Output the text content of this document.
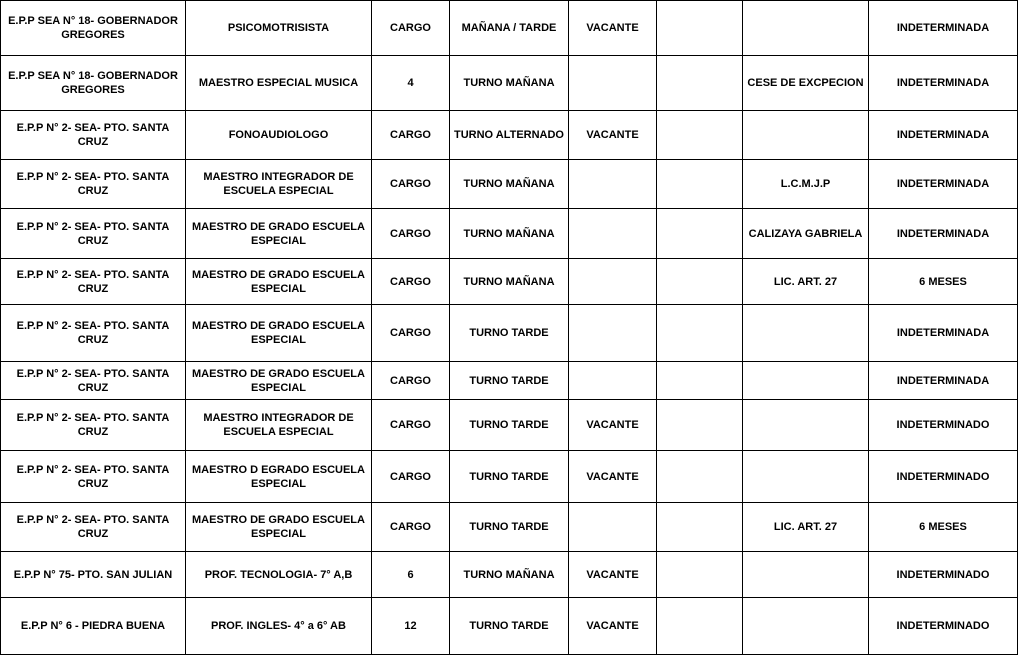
E.P.P SEA N° 18- GOBERNADOR GREGORES	PSICOMOTRISISTA	CARGO	MAÑANA / TARDE	VACANTE			INDETERMINADA
E.P.P SEA N° 18- GOBERNADOR GREGORES	MAESTRO ESPECIAL MUSICA	4	TURNO MAÑANA			CESE DE EXCPECION	INDETERMINADA
E.P.P N° 2- SEA- PTO. SANTA CRUZ	FONOAUDIOLOGO	CARGO	TURNO ALTERNADO	VACANTE			INDETERMINADA
E.P.P N° 2- SEA- PTO. SANTA CRUZ	MAESTRO INTEGRADOR DE ESCUELA ESPECIAL	CARGO	TURNO MAÑANA			L.C.M.J.P	INDETERMINADA
E.P.P N° 2- SEA- PTO. SANTA CRUZ	MAESTRO DE GRADO ESCUELA ESPECIAL	CARGO	TURNO MAÑANA			CALIZAYA GABRIELA	INDETERMINADA
E.P.P N° 2- SEA- PTO. SANTA CRUZ	MAESTRO DE GRADO ESCUELA ESPECIAL	CARGO	TURNO MAÑANA			LIC. ART. 27	6 MESES
E.P.P N° 2- SEA- PTO. SANTA CRUZ	MAESTRO DE GRADO ESCUELA ESPECIAL	CARGO	TURNO TARDE				INDETERMINADA
E.P.P N° 2- SEA- PTO. SANTA CRUZ	MAESTRO DE GRADO ESCUELA ESPECIAL	CARGO	TURNO TARDE				INDETERMINADA
E.P.P N° 2- SEA- PTO. SANTA CRUZ	MAESTRO INTEGRADOR DE ESCUELA ESPECIAL	CARGO	TURNO TARDE	VACANTE			INDETERMINADO
E.P.P N° 2- SEA- PTO. SANTA CRUZ	MAESTRO D EGRADO ESCUELA ESPECIAL	CARGO	TURNO TARDE	VACANTE			INDETERMINADO
E.P.P N° 2- SEA- PTO. SANTA CRUZ	MAESTRO DE GRADO ESCUELA ESPECIAL	CARGO	TURNO TARDE			LIC. ART. 27	6 MESES
E.P.P N° 75- PTO. SAN JULIAN	PROF. TECNOLOGIA- 7° A,B	6	TURNO MAÑANA	VACANTE			INDETERMINADO
E.P.P N° 6 - PIEDRA BUENA	PROF. INGLES- 4° a 6° AB	12	TURNO TARDE	VACANTE			INDETERMINADO
